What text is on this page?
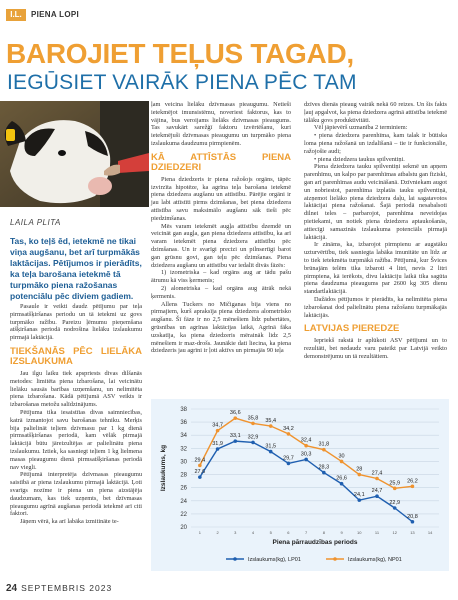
I.L.	PIENA LOPI
BAROJIET TEĻUS TAGAD,
IEGŪSIET VAIRĀK PIENA PĒC TAM
LAILA PLITA
Tas, ko teļš ēd, ietekmē ne tikai viņa augšanu, bet arī turpmākās laktācijas. Pētījumos ir pierādīts, ka teļa barošana ietekmē tā turpmāko piena ražošanas potenciālu pēc diviem gadiem.

Pasaule ir veikti daudz pētījumu par teļa pirmsatšķiršanas periodu un tā ietekmi uz govs turpmāko ražību. Pareizu ļēmumu pieņemšana atšķiršanas periodā nodrošina lielāku izslaukumu pirmajā laktācijā.

TIEKŠANĀS PĒC LIELĀKA IZSLAUKUMA

Jau ilgu laiku tiek apspriests divas dilšanās metodes: limitēta piena izbarošana, lai veicinātu lielāku sausās barības uzņemšanu, un nelimitēta piena izbarošana. Kādā pētījumā ASV veikts ir izbarošanas metožu salīdzinājums.

Pētījuma tika iesaistītas divas saimniecības, katrā izmantojot savu barošanas tehniku. Merķis bija palielināt teļiem dzīvmasu par 1 kg dienā pirmsatšķiršanas periodā, kam vēlāk pirmajā laktācijā būtu jāreizultējas ar palielinātu piena izslaukumu. Iztiek, ka sasniegt teļiem 1 kg lielmena masas pieaugumu dienā pirmsatšķiršanas periodā nav viegli.

Pētījumā interpretēja dzīvmasas pieaugumu saistībā ar piena izslaukumu pirmajā laktācijā. Ļoti svarīgs nozīme ir piena un piena aizstājēja daudzumam, kas tiek uzņemts, bet dzīvmasas pieaugumu agrīnā augšanas periodā ietekmē arī citi faktori.

Jāņem vērā, ka arī labāka izmitināte te-

ļam veicina lielāku dzīvmasas pieaugumu. Netieši ietekmējot imunsistēmu, noveriest faktorus, kas to vājina, bus veroijams lielāks dzīvmasas pieaugums. Tas savukārt sarežģī faktoru izvērtēšanu, kuri ietekmējuši dzīvmasas pieaugumu un turpmāko piena izslaukuma daudzumu pirmpienēm.

KĀ ATTĪSTĀS PIENA DZIEDZERI

Piena dziedzeris ir piena ražošojs orgāns, tāpēc izvirzīta hipotēze, ka agrīna teļa barošana ietekmē piena dziedzera augšanu un attīstību. Pārējie orgāni ir jau labi attīstīti pirms dzimšanas, bet piena dziedzera attīstība savu maksimālo augšanu sāk tieši pēc piedzimšanas.

Mēs varam ietekmēt augļa attīstību dzemdē un veicināt gan augļa, gan piena dziedzera attīstību, ka arī varam ietekmēt piena dziedzera attīstību pēc dzimšanas. Un ir svarīgi precizi un pilnsertīgi barot gan grūsnu govi, gan teļu pēc dzimšanas. Piena dziedzera augšanu un attīstību var iedalīt divās fāzēs:

1) izometriska – kad orgāns aug ar tādu pašu ātrumu kā viss ķermenis;

2) alometriska – kad orgāns aug ātrāk nekā ķermenis.

Allens Tuckers no Mičiganas bija viens no pirmajiem, kurš apraksīja piena dziedzera alometrisko augšanu. Šī fāze ir no 2,5 mēnešiem līdz pubertātes, grūsnības un agrīnas laktācijas laikā, Agrīnā fāka uzskatīja, ka piena dziedzeris mēraināk lidz 2,5 mēnešiem ir maz-drošs. Jaunākie dati liecina, ka piena dziedzeris jau agrīni ir ļoti aktīvs un pirmajās 90 teļa

dzīves dienās pieaug vairāk nekā 60 reizes. Un šis fakts ļauj apgalvot, ka piena dziedzera agrīnā attīstība ietekmē tālāku govs produktivitāti.

Vēl jāpievērš uzmanība 2 terminiem:

• piena dziedzera parenhīma, kam talak ir būtiska loma piena ražošanā un izdalīšanā – tie ir funkcionālie, ražojošie audi;

• piena dziedzera taukus spilventiņi.

Piena dziedzera tauku spilventiņi sekmē un apņem parenhīmu, un kalpo par parenhīmas atbalstu gan fiziski, gan arī parenhīmas audu veicināšanā. Dzīvniekam augot un nobriestot, parenhīma izplatās tauku spilventiņā, aizņemot lielāko piena dziedzera daļu, lai sagatavotos laktācijai piena ražošanai. Šajā periodā nesabalsoti dilnei teles – parbarojot, parenhīma neveidojas pietiekami, un notiek piena dziedzera aptaukošanās, attiecīgi samazinās izslaukuma potenciāls pirmajā laktācijā.

Ir zināms, ka, izbarojot pirmpienu ar augstāku uzturvērtību, tiek sasniegta labāka imunitāte un līdz ar to tiek ietekmēta turpmākā ražība. Pētījumā, kur Švices brūnajām telēm tika izbaroti 4 litri, nevis 2 litri pirmpiena, kā ierēkots, divu laktāciju laikā tika sagūta piena daudzuma pieaugums par 2600 kg 305 dienu standartlaktācijā.

Dažādos pētījumos ir pierādīts, ka nelimitēta piena izbarošanai dod palielinātu piena ražošanu turpmākajās laktācijās.

LATVIJAS PIEREDZE

Iepriekš rakstā ir aplūkoti ASV pētījumi un to rezultāti, bet nedaudz varu pateikt par Latvijā veikto demonstrējumu un tā rezultātiem.

20
22
24
26
28
30
32
34
36
38
1	2	3	4	5	6	7	8	9	10	11	12	13	14
Izslaukums, kg
Piena pārraudzības periods
27,6
31,9
33,1 32,9
31,5
29,7
30,3
28,3
26,6
24,1
24,7
22,9
20,8
29,4
34,7
36,6
35,8 35,4
34,2
32,4
31,8
30
28
27,4
25,9 26,2
Izslaukums(kg), LP01	Izslaukums(kg), NP01
24 SEPTEMBRIS 2023
